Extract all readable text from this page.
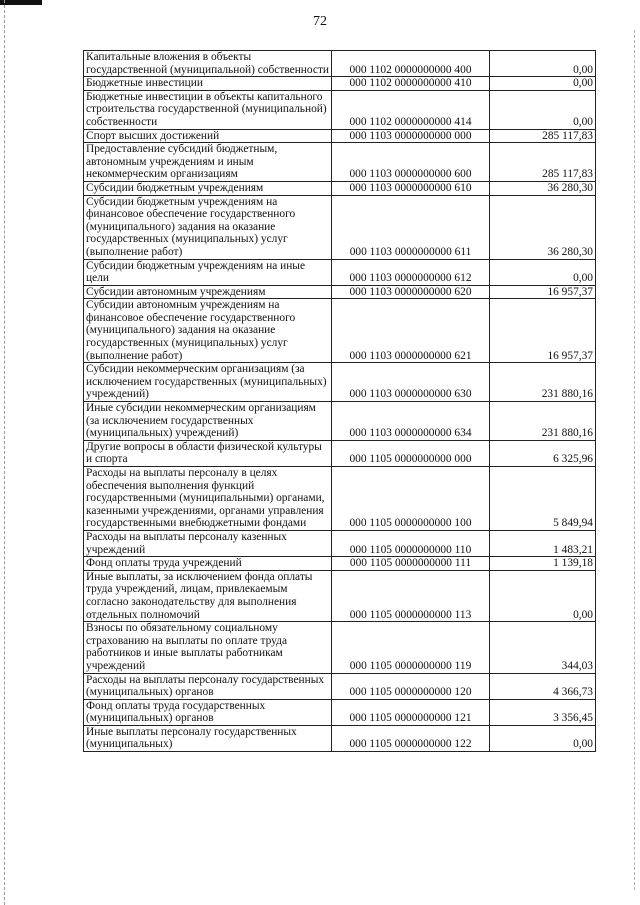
72
Капитальные вложения в объекты государственной (муниципальной) собственности	000 1102 0000000000 400	0,00
Бюджетные инвестиции	000 1102 0000000000 410	0,00
Бюджетные инвестиции в объекты капитального строительства государственной (муниципальной) собственности	000 1102 0000000000 414	0,00
Спорт высших достижений	000 1103 0000000000 000	285 117,83
Предоставление субсидий бюджетным, автономным учреждениям и иным некоммерческим организациям	000 1103 0000000000 600	285 117,83
Субсидии бюджетным учреждениям	000 1103 0000000000 610	36 280,30
Субсидии бюджетным учреждениям на финансовое обеспечение государственного (муниципального) задания на оказание государственных (муниципальных) услуг (выполнение работ)	000 1103 0000000000 611	36 280,30
Субсидии бюджетным учреждениям на иные цели	000 1103 0000000000 612	0,00
Субсидии автономным учреждениям	000 1103 0000000000 620	16 957,37
Субсидии автономным учреждениям на финансовое обеспечение государственного (муниципального) задания на оказание государственных (муниципальных) услуг (выполнение работ)	000 1103 0000000000 621	16 957,37
Субсидии некоммерческим организациям (за исключением государственных (муниципальных) учреждений)	000 1103 0000000000 630	231 880,16
Иные субсидии некоммерческим организациям (за исключением государственных (муниципальных) учреждений)	000 1103 0000000000 634	231 880,16
Другие вопросы в области физической культуры и спорта	000 1105 0000000000 000	6 325,96
Расходы на выплаты персоналу в целях обеспечения выполнения функций государственными (муниципальными) органами, казенными учреждениями, органами управления государственными внебюджетными фондами	000 1105 0000000000 100	5 849,94
Расходы на выплаты персоналу казенных учреждений	000 1105 0000000000 110	1 483,21
Фонд оплаты труда учреждений	000 1105 0000000000 111	1 139,18
Иные выплаты, за исключением фонда оплаты труда учреждений, лицам, привлекаемым согласно законодательству для выполнения отдельных полномочий	000 1105 0000000000 113	0,00
Взносы по обязательному социальному страхованию на выплаты по оплате труда работников и иные выплаты работникам учреждений	000 1105 0000000000 119	344,03
Расходы на выплаты персоналу государственных (муниципальных) органов	000 1105 0000000000 120	4 366,73
Фонд оплаты труда государственных (муниципальных) органов	000 1105 0000000000 121	3 356,45
Иные выплаты персоналу государственных (муниципальных)	000 1105 0000000000 122	0,00
